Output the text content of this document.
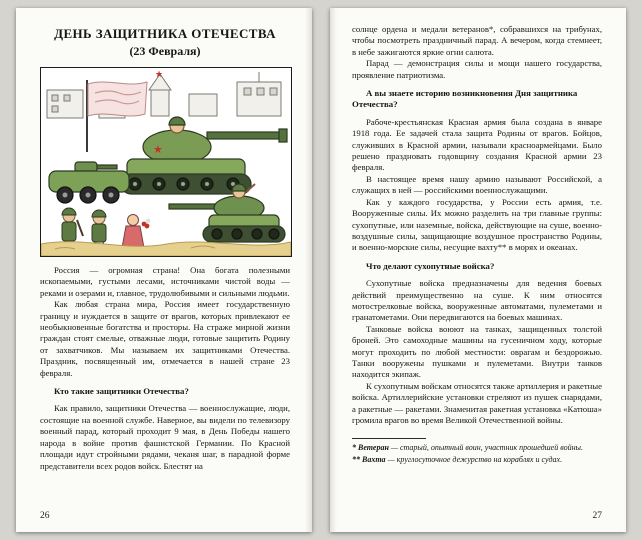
ДЕНЬ ЗАЩИТНИКА ОТЕЧЕСТВА
(23 Февраля)
★
★

Россия — огромная страна! Она богата полезными ископаемыми, густыми лесами, источниками чистой воды — реками и озерами и, главное, трудолюбивыми и сильными людьми.

Как любая страна мира, Россия имеет государственную границу и нуждается в защите от врагов, которых привлекают ее необыкновенные богатства и просторы. На страже мирной жизни граждан стоят смелые, отважные люди, готовые защитить Родину от захватчиков. Мы называем их защитниками Отечества. Праздник, посвященный им, отмечается в нашей стране 23 февраля.

Кто такие защитники Отечества?

Как правило, защитники Отечества — военнослужащие, люди, состоящие на военной службе. Наверное, вы видели по телевизору военный парад, который проходит 9 мая, в День Победы нашего народа в войне против фашистской Германии. По Красной площади идут стройными рядами, чеканя шаг, в парадной форме представители всех родов войск. Блестят на

26

солнце ордена и медали ветеранов*, собравшихся на трибунах, чтобы посмотреть праздничный парад. А вечером, когда стемнеет, в небе зажигаются яркие огни салюта.

Парад — демонстрация силы и мощи нашего государства, проявление патриотизма.

А вы знаете историю возникновения Дня защитника Отечества?

Рабоче-крестьянская Красная армия была создана в январе 1918 года. Ее задачей стала защита Родины от врагов. Бойцов, служивших в Красной армии, называли красноармейцами. Было решено праздновать годовщину создания Красной армии 23 февраля.

В настоящее время нашу армию называют Российской, а служащих в ней — российскими военнослужащими.

Как у каждого государства, у России есть армия, т.е. Вооруженные силы. Их можно разделить на три главные группы: сухопутные, или наземные, войска, действующие на суше, военно-воздушные силы, защищающие воздушное пространство Родины, и военно-морские силы, несущие вахту** в морях и океанах.

Что делают сухопутные войска?

Сухопутные войска предназначены для ведения боевых действий преимущественно на суше. К ним относятся мотострелковые войска, вооруженные автоматами, пулеметами и гранатометами. Они передвигаются на боевых машинах.

Танковые войска воюют на танках, защищенных толстой броней. Это самоходные машины на гусеничном ходу, которые могут проходить по любой местности: оврагам и бездорожью. Танки вооружены пушками и пулеметами. Внутри танков находится экипаж.

К сухопутным войскам относятся также артиллерия и ракетные войска. Артиллерийские установки стреляют из пушек снарядами, а ракетные — ракетами. Знаменитая ракетная установка «Катюша» громила врагов во время Великой Отечественной войны.

* Ветеран — старый, опытный воин, участник прошедшей войны.

** Вахта — круглосуточное дежурство на кораблях и судах.

27
